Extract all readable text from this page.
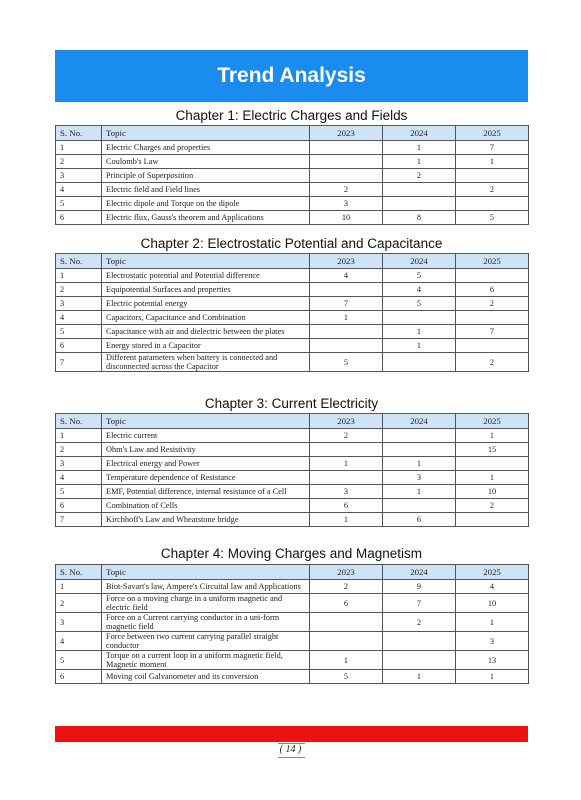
Trend Analysis
Chapter 1: Electric Charges and Fields
S. No.	Topic	2023	2024	2025
1	Electric Charges and properties		1	7
2	Coulomb's Law		1	1
3	Principle of Superposition		2	
4	Electric field and Field lines	2		2
5	Electric dipole and Torque on the dipole	3		
6	Electric flux, Gauss's theorem and Applications	10	8	5
Chapter 2: Electrostatic Potential and Capacitance
S. No.	Topic	2023	2024	2025
1	Electrostatic potential and Potential difference	4	5	
2	Equipotential Surfaces and properties		4	6
3	Electric potential energy	7	5	2
4	Capacitors, Capacitance and Combination	1		
5	Capacitance with air and dielectric between the plates		1	7
6	Energy stored in a Capacitor		1	
7	Different parameters when battery is connected and disconnected across the Capacitor	5		2
Chapter 3: Current Electricity
S. No.	Topic	2023	2024	2025
1	Electric current	2		1
2	Ohm's Law and Resistivity			15
3	Electrical energy and Power	1	1	
4	Temperature dependence of Resistance		3	1
5	EMF, Potential difference, internal resistance of a Cell	3	1	10
6	Combination of Cells	6		2
7	Kirchhoff's Law and Wheatstone bridge	1	6	
Chapter 4: Moving Charges and Magnetism
S. No.	Topic	2023	2024	2025
1	Biot-Savart's law, Ampere's Circuital law and Applications	2	9	4
2	Force on a moving charge in a uniform magnetic and electric field	6	7	10
3	Force on a Current carrying conductor in a uni-form magnetic field		2	1
4	Force between two current carrying parallel straight conductor			3
5	Torque on a current loop in a uniform magnetic field, Magnetic moment	1		13
6	Moving coil Galvanometer and its conversion	5	1	1
( 14 )
